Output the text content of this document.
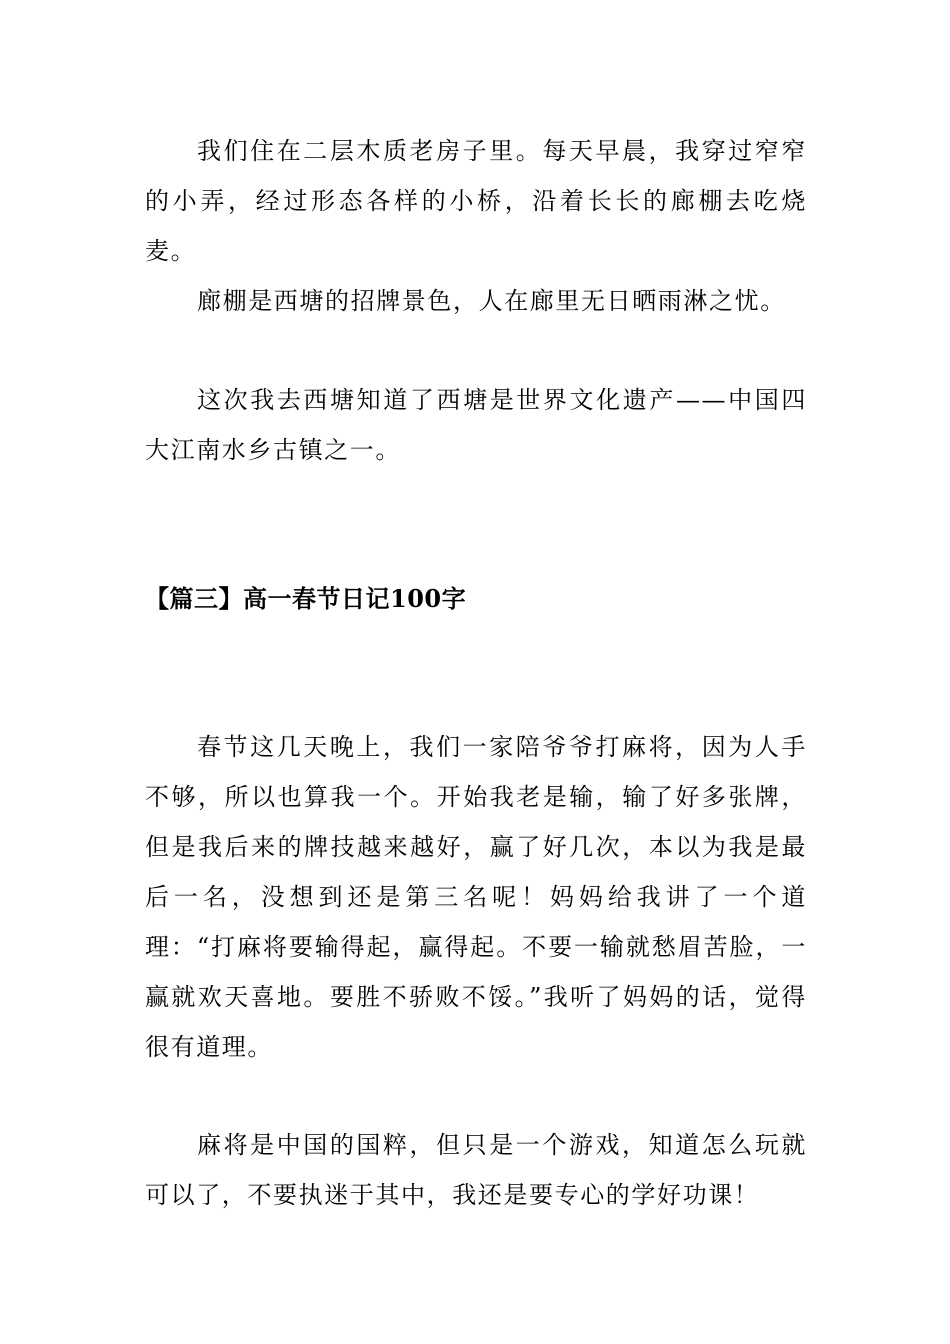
我们住在二层木质老房子里。每天早晨，我穿过窄窄的小弄，经过形态各样的小桥，沿着长长的廊棚去吃烧麦。

廊棚是西塘的招牌景色，人在廊里无日晒雨淋之忧。

这次我去西塘知道了西塘是世界文化遗产——中国四大江南水乡古镇之一。

【篇三】高一春节日记100字

春节这几天晚上，我们一家陪爷爷打麻将，因为人手不够，所以也算我一个。开始我老是输，输了好多张牌，但是我后来的牌技越来越好，赢了好几次，本以为我是最后一名，没想到还是第三名呢！妈妈给我讲了一个道理：“打麻将要输得起，赢得起。不要一输就愁眉苦脸，一赢就欢天喜地。要胜不骄败不馁。”我听了妈妈的话，觉得很有道理。

麻将是中国的国粹，但只是一个游戏，知道怎么玩就可以了，不要执迷于其中，我还是要专心的学好功课！
